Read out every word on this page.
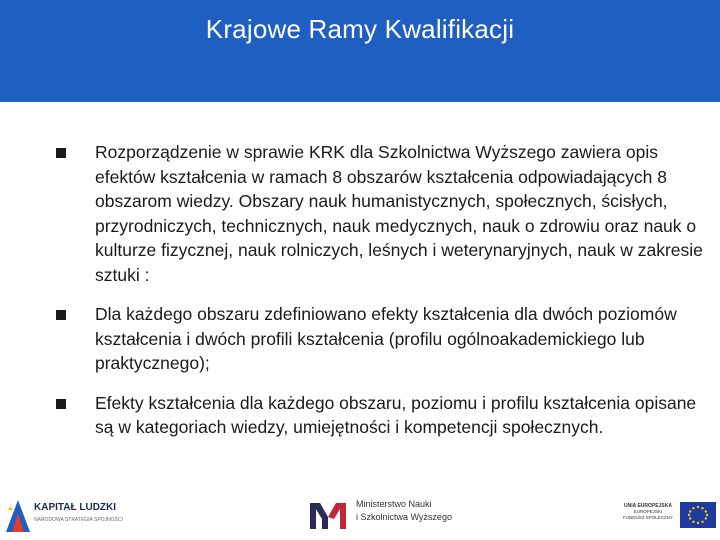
Krajowe Ramy Kwalifikacji
Rozporządzenie w sprawie KRK dla Szkolnictwa Wyższego zawiera opis efektów kształcenia w ramach 8 obszarów kształcenia odpowiadających 8 obszarom wiedzy. Obszary nauk humanistycznych, społecznych, ścisłych, przyrodniczych, technicznych, nauk medycznych, nauk o zdrowiu oraz nauk o kulturze fizycznej, nauk rolniczych, leśnych i weterynaryjnych, nauk w zakresie sztuki :
Dla każdego obszaru zdefiniowano efekty kształcenia dla dwóch poziomów kształcenia i dwóch profili kształcenia (profilu ogólnoakademickiego lub praktycznego);
Efekty kształcenia dla każdego obszaru, poziomu i profilu kształcenia opisane są w kategoriach wiedzy, umiejętności i kompetencji społecznych.
KAPITAŁ LUDZKI
NARODOWA STRATEGIA SPÓJNOŚCI
Ministerstwo Nauki
i Szkolnictwa Wyższego
UNIA EUROPEJSKA
EUROPEJSKI
FUNDUSZ SPOŁECZNY
